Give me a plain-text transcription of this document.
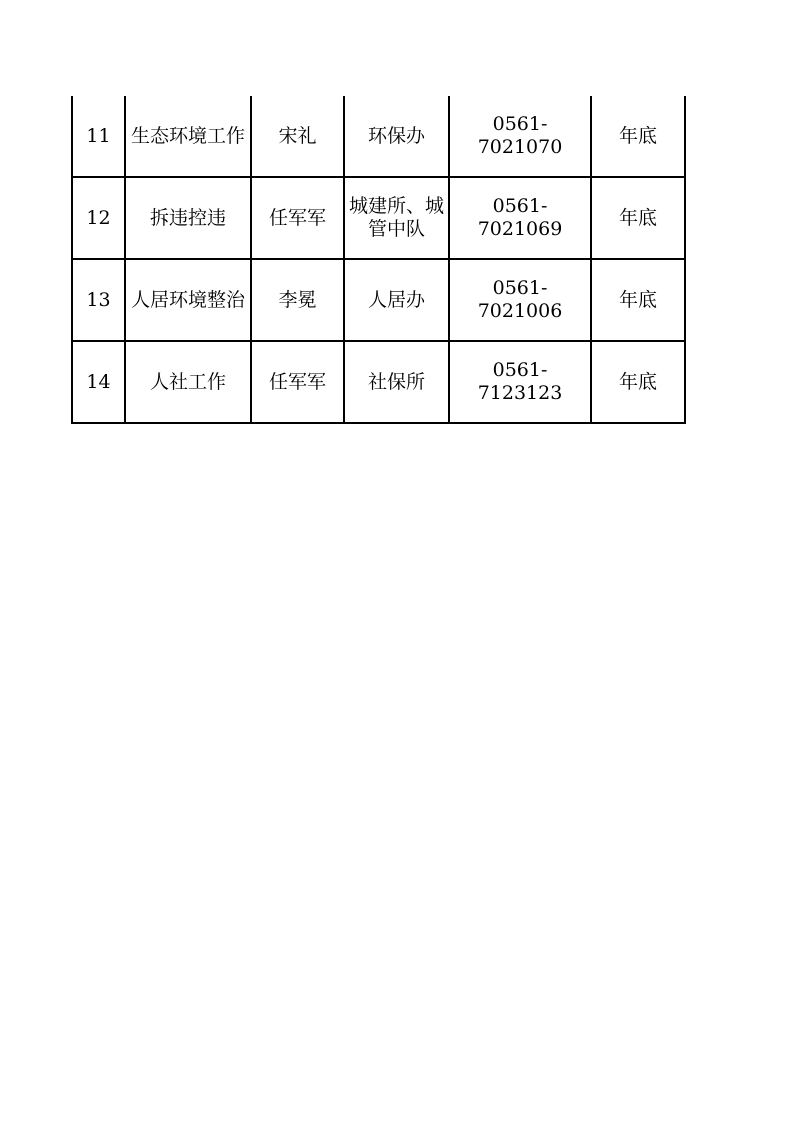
11	生态环境工作	宋礼	环保办	0561-7021070	年底
12	拆违控违	任军军	城建所、城管中队	0561-7021069	年底
13	人居环境整治	李冕	人居办	0561-7021006	年底
14	人社工作	任军军	社保所	0561-7123123	年底
